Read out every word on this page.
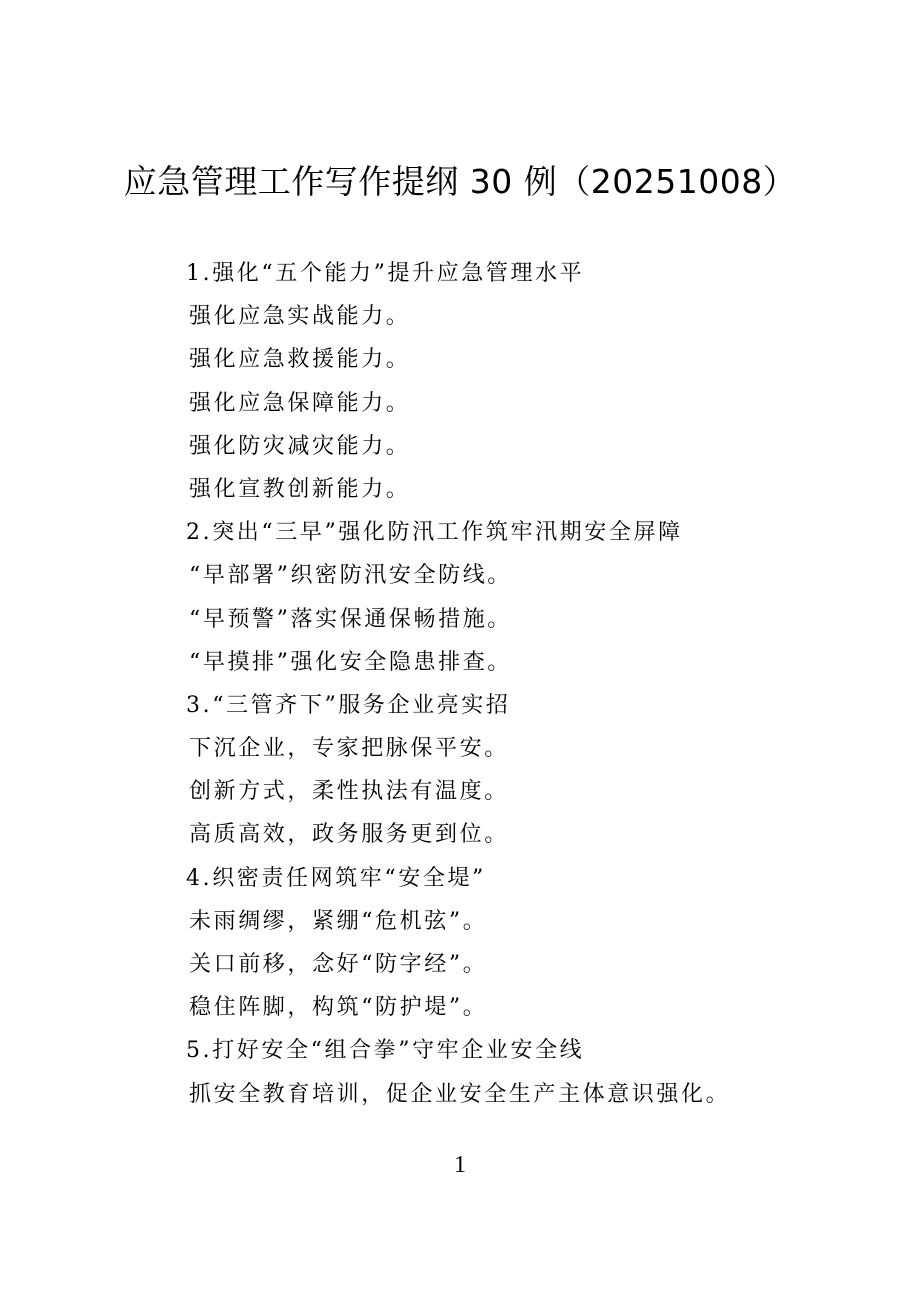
应急管理工作写作提纲 30 例（20251008）
1.强化“五个能力”提升应急管理水平
强化应急实战能力。
强化应急救援能力。
强化应急保障能力。
强化防灾减灾能力。
强化宣教创新能力。
2.突出“三早”强化防汛工作筑牢汛期安全屏障
“早部署”织密防汛安全防线。
“早预警”落实保通保畅措施。
“早摸排”强化安全隐患排查。
3.“三管齐下”服务企业亮实招
下沉企业，专家把脉保平安。
创新方式，柔性执法有温度。
高质高效，政务服务更到位。
4.织密责任网筑牢“安全堤”
未雨绸缪，紧绷“危机弦”。
关口前移，念好“防字经”。
稳住阵脚，构筑“防护堤”。
5.打好安全“组合拳”守牢企业安全线
抓安全教育培训，促企业安全生产主体意识强化。
1
